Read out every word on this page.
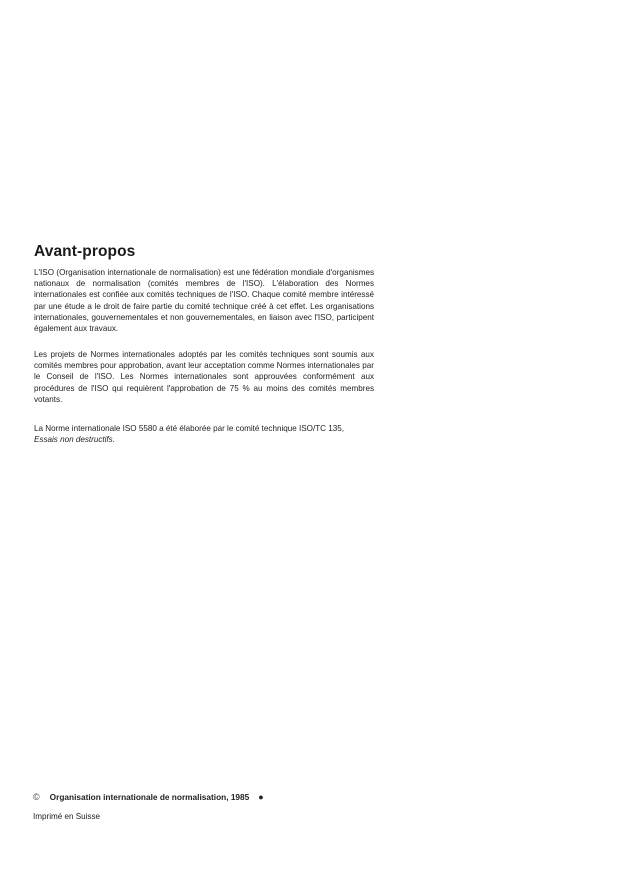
Avant-propos

L'ISO (Organisation internationale de normalisation) est une fédération mondiale d'organismes nationaux de normalisation (comités membres de l'ISO). L'élaboration des Normes internationales est confiée aux comités techniques de l'ISO. Chaque comité membre intéressé par une étude a le droit de faire partie du comité technique créé à cet effet. Les organisations internationales, gouvernementales et non gouvernementales, en liaison avec l'ISO, participent également aux travaux.

Les projets de Normes internationales adoptés par les comités techniques sont soumis aux comités membres pour approbation, avant leur acceptation comme Normes internationales par le Conseil de l'ISO. Les Normes internationales sont approuvées conformément aux procédures de l'ISO qui requièrent l'approbation de 75 % au moins des comités membres votants.

La Norme internationale ISO 5580 a été élaborée par le comité technique ISO/TC 135,
Essais non destructifs.

© Organisation internationale de normalisation, 1985 ●
Imprimé en Suisse
